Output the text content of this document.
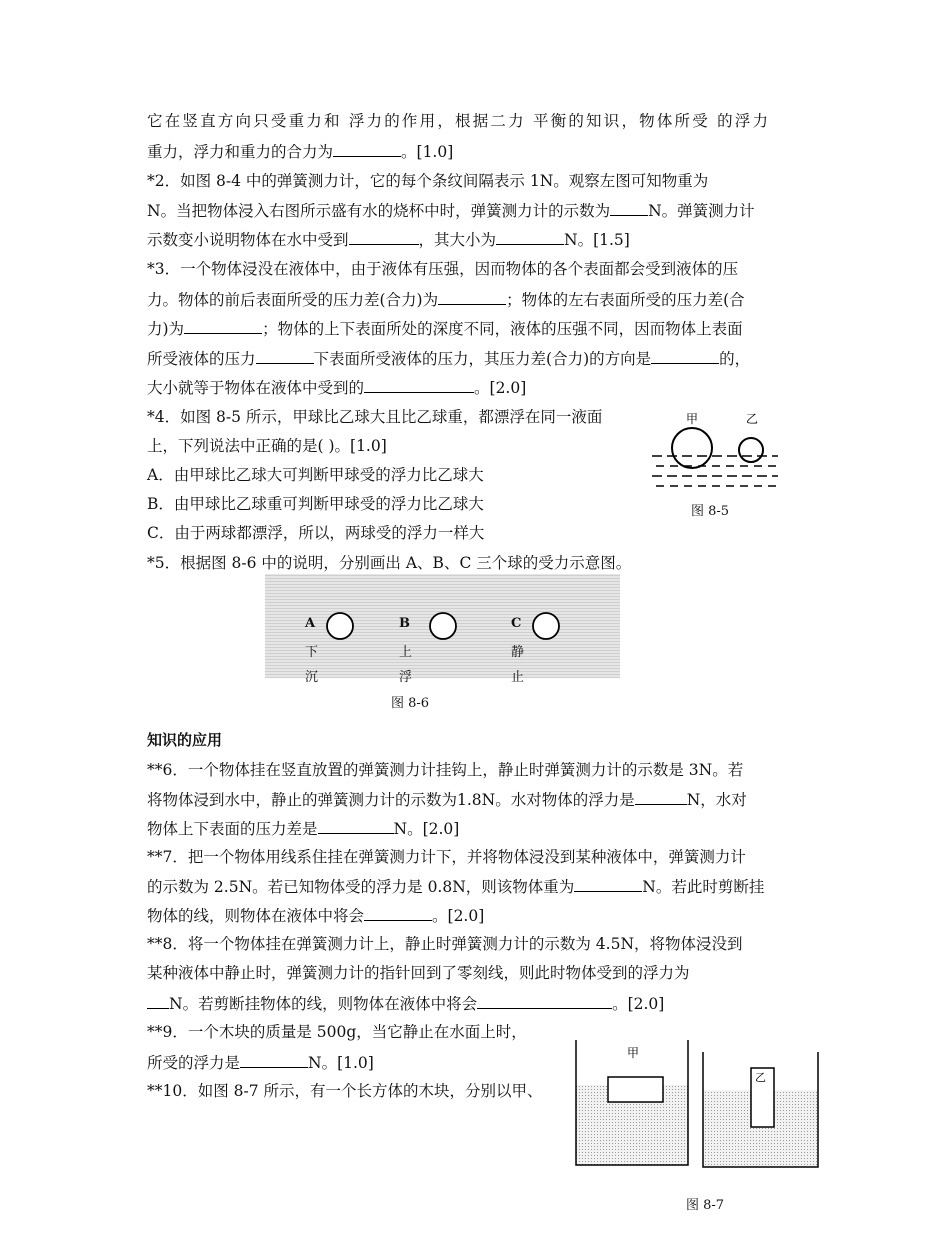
它在竖直方向只受重力和 浮力的作用，根据二力 平衡的知识，物体所受 的浮力
重力，浮力和重力的合力为	。[1.0]
*2．如图 8-4 中的弹簧测力计，它的每个条纹间隔表示 1N。观察左图可知物重为
N。当把物体浸入右图所示盛有水的烧杯中时，弹簧测力计的示数为 N。弹簧测力计
示数变小说明物体在水中受到	，其大小为	N。[1.5]
*3．一个物体浸没在液体中，由于液体有压强，因而物体的各个表面都会受到液体的压
力。物体的前后表面所受的压力差(合力)为	；物体的左右表面所受的压力差(合
力)为	；物体的上下表面所处的深度不同，液体的压强不同，因而物体上表面
所受液体的压力	下表面所受液体的压力，其压力差(合力)的方向是	的，
大小就等于物体在液体中受到的	。[2.0]
*4．如图 8-5 所示，甲球比乙球大且比乙球重，都漂浮在同一液面
上，下列说法中正确的是( )。[1.0]
A．由甲球比乙球大可判断甲球受的浮力比乙球大
B．由甲球比乙球重可判断甲球受的浮力比乙球大
C．由于两球都漂浮，所以，两球受的浮力一样大
*5．根据图 8-6 中的说明，分别画出 A、B、C 三个球的受力示意图。
知识的应用
**6．一个物体挂在竖直放置的弹簧测力计挂钩上，静止时弹簧测力计的示数是 3N。若
将物体浸到水中，静止的弹簧测力计的示数为1.8N。水对物体的浮力是	N，水对
物体上下表面的压力差是	N。[2.0]
**7．把一个物体用线系住挂在弹簧测力计下，并将物体浸没到某种液体中，弹簧测力计
的示数为 2.5N。若已知物体受的浮力是 0.8N，则该物体重为	N。若此时剪断挂
物体的线，则物体在液体中将会	。[2.0]
**8．将一个物体挂在弹簧测力计上，静止时弹簧测力计的示数为 4.5N，将物体浸没到
某种液体中静止时，弹簧测力计的指针回到了零刻线，则此时物体受到的浮力为
N。若剪断挂物体的线，则物体在液体中将会	。[2.0]
**9．一个木块的质量是 500g，当它静止在水面上时，
所受的浮力是	N。[1.0]
**10．如图 8-7 所示，有一个长方体的木块，分别以甲、
甲	乙
图 8-5
A
下
沉
B
上
浮
C
静
止
图 8-6
甲
乙
图 8-7
